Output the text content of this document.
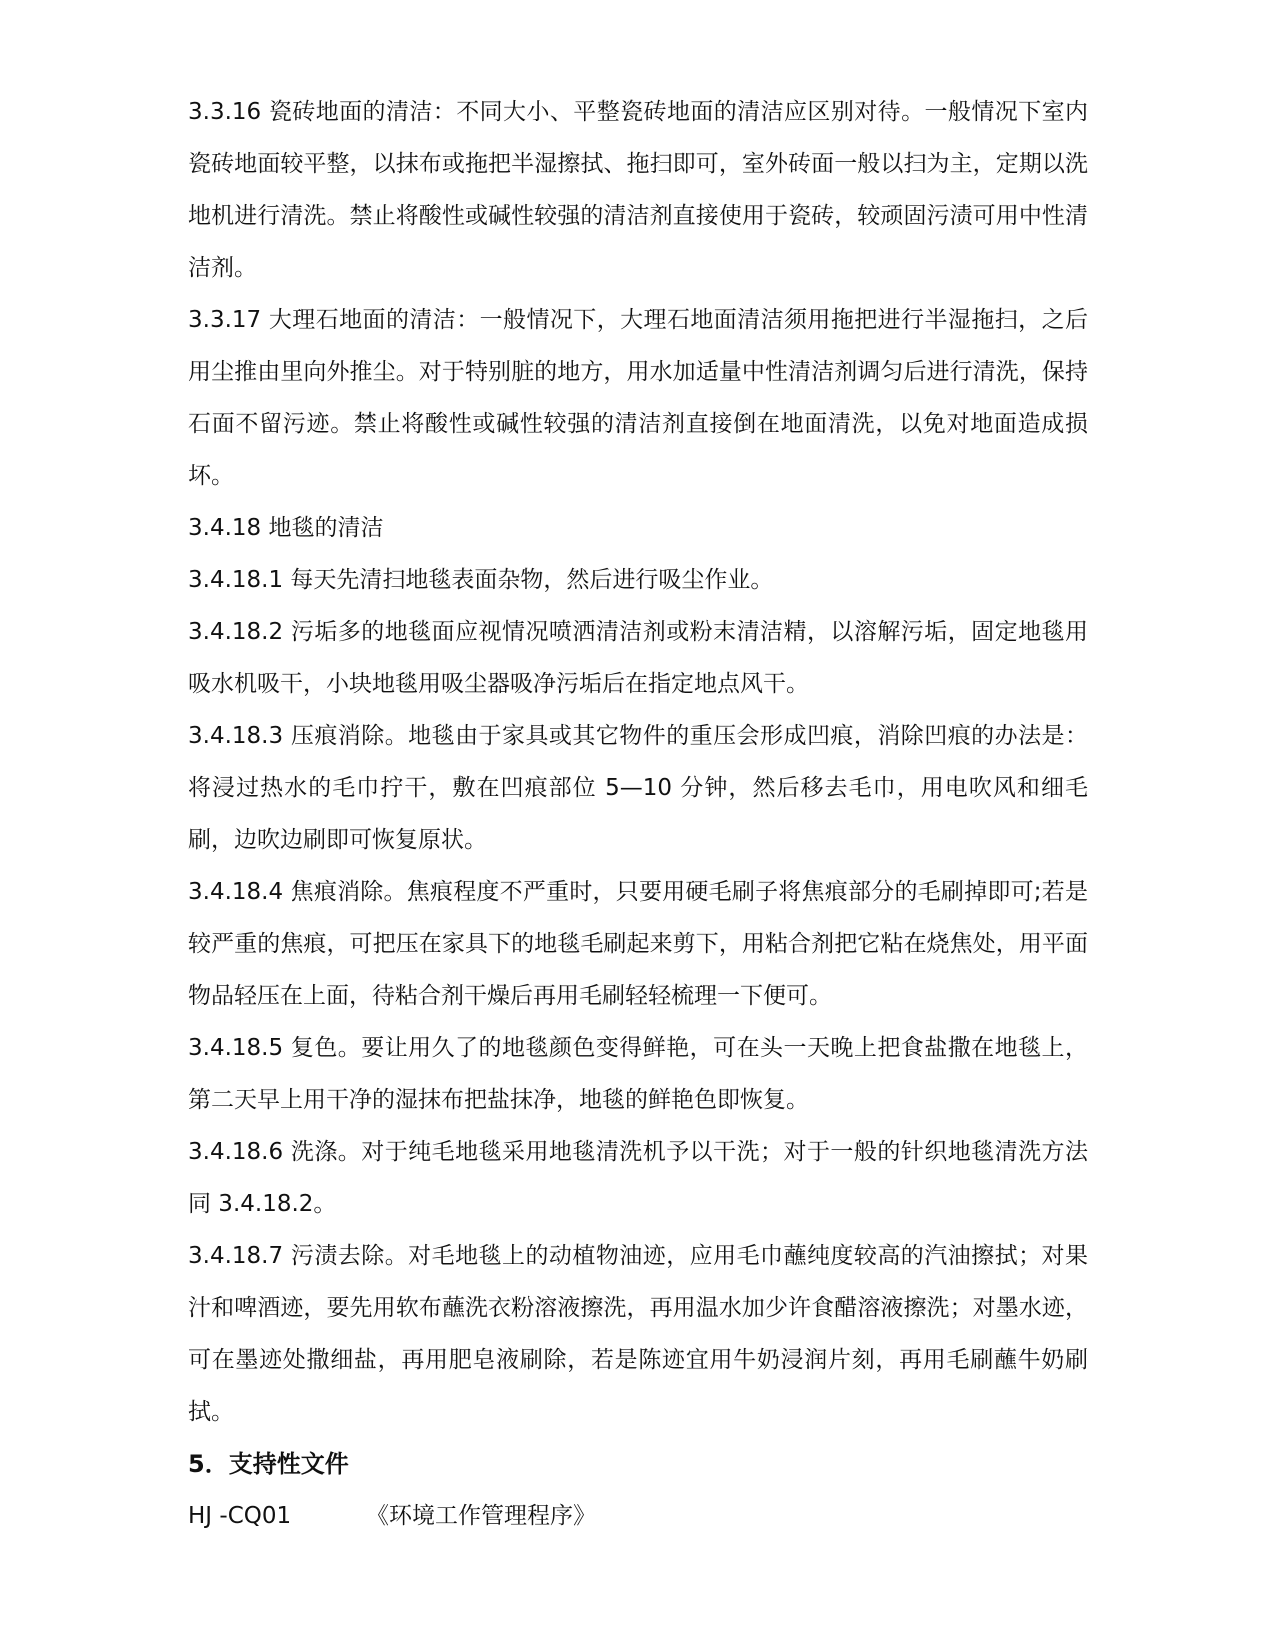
3.3.16 瓷砖地面的清洁：不同大小、平整瓷砖地面的清洁应区别对待。一般情况下室内瓷砖地面较平整，以抹布或拖把半湿擦拭、拖扫即可，室外砖面一般以扫为主，定期以洗地机进行清洗。禁止将酸性或碱性较强的清洁剂直接使用于瓷砖，较顽固污渍可用中性清洁剂。

3.3.17 大理石地面的清洁：一般情况下，大理石地面清洁须用拖把进行半湿拖扫，之后用尘推由里向外推尘。对于特别脏的地方，用水加适量中性清洁剂调匀后进行清洗，保持石面不留污迹。禁止将酸性或碱性较强的清洁剂直接倒在地面清洗，以免对地面造成损坏。

3.4.18 地毯的清洁

3.4.18.1 每天先清扫地毯表面杂物，然后进行吸尘作业。

3.4.18.2 污垢多的地毯面应视情况喷洒清洁剂或粉末清洁精，以溶解污垢，固定地毯用吸水机吸干，小块地毯用吸尘器吸净污垢后在指定地点风干。

3.4.18.3 压痕消除。地毯由于家具或其它物件的重压会形成凹痕，消除凹痕的办法是：将浸过热水的毛巾拧干，敷在凹痕部位 5—10 分钟，然后移去毛巾，用电吹风和细毛刷，边吹边刷即可恢复原状。

3.4.18.4 焦痕消除。焦痕程度不严重时，只要用硬毛刷子将焦痕部分的毛刷掉即可;若是较严重的焦痕，可把压在家具下的地毯毛刷起来剪下，用粘合剂把它粘在烧焦处，用平面物品轻压在上面，待粘合剂干燥后再用毛刷轻轻梳理一下便可。

3.4.18.5 复色。要让用久了的地毯颜色变得鲜艳，可在头一天晚上把食盐撒在地毯上，第二天早上用干净的湿抹布把盐抹净，地毯的鲜艳色即恢复。

3.4.18.6 洗涤。对于纯毛地毯采用地毯清洗机予以干洗；对于一般的针织地毯清洗方法同 3.4.18.2。

3.4.18.7 污渍去除。对毛地毯上的动植物油迹，应用毛巾蘸纯度较高的汽油擦拭；对果汁和啤酒迹，要先用软布蘸洗衣粉溶液擦洗，再用温水加少许食醋溶液擦洗；对墨水迹，可在墨迹处撒细盐，再用肥皂液刷除，若是陈迹宜用牛奶浸润片刻，再用毛刷蘸牛奶刷拭。

5．支持性文件

HJ -CQ01	《环境工作管理程序》
